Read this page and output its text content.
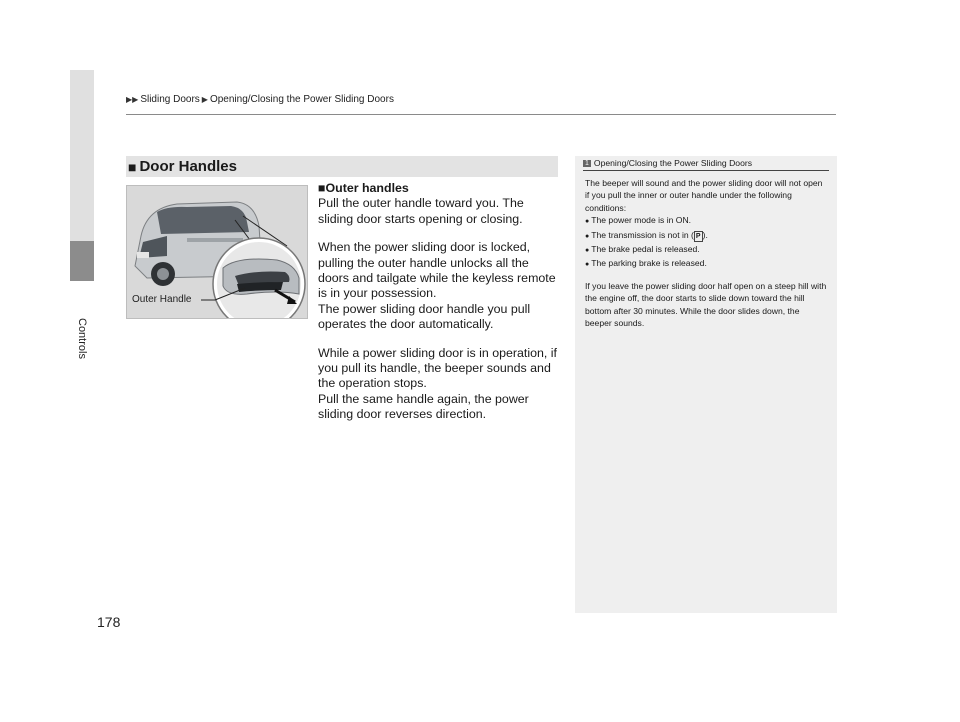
▶▶ Sliding Doors ▶ Opening/Closing the Power Sliding Doors
Controls
178
■ Door Handles
Outer Handle
■Outer handles

Pull the outer handle toward you. The sliding door starts opening or closing.

When the power sliding door is locked, pulling the outer handle unlocks all the doors and tailgate while the keyless remote is in your possession.

The power sliding door handle you pull operates the door automatically.

While a power sliding door is in operation, if you pull its handle, the beeper sounds and the operation stops.

Pull the same handle again, the power sliding door reverses direction.

1 Opening/Closing the Power Sliding Doors

The beeper will sound and the power sliding door will not open if you pull the inner or outer handle under the following conditions:

● The power mode is in ON.
● The transmission is not in ( P ).
● The brake pedal is released.
● The parking brake is released.

If you leave the power sliding door half open on a steep hill with the engine off, the door starts to slide down toward the hill bottom after 30 minutes. While the door slides down, the beeper sounds.
